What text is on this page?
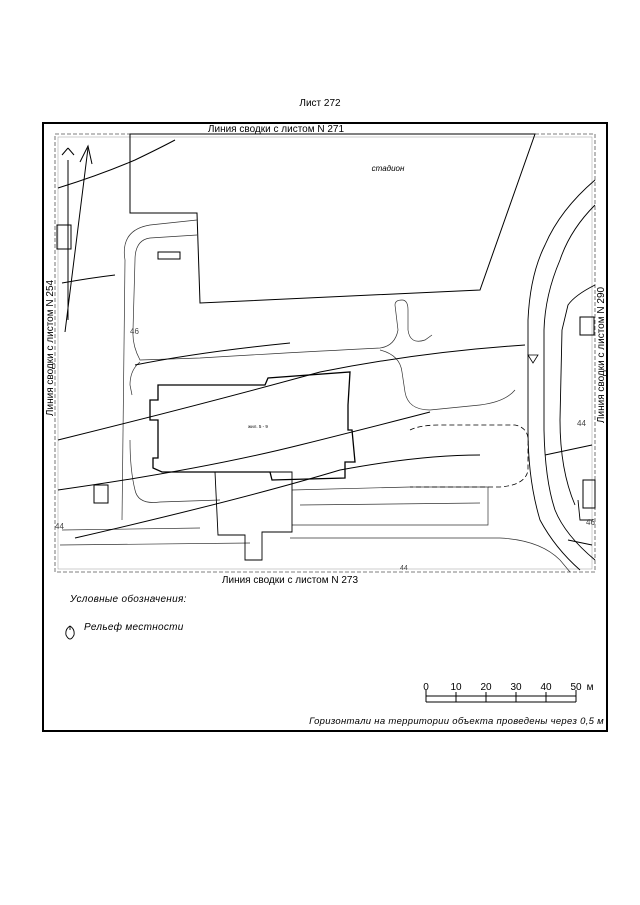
Лист 272
Линия сводки с листом N 271
Линия сводки с листом N 273
Линия сводки с листом N 254	Линия сводки с листом N 290
стадион
жил. 5 - 9
46
44
44
46
44
0 10 20 30 40 50 м
Условные обозначения:
Рельеф местности
Горизонтали на территории объекта проведены через 0,5 м
